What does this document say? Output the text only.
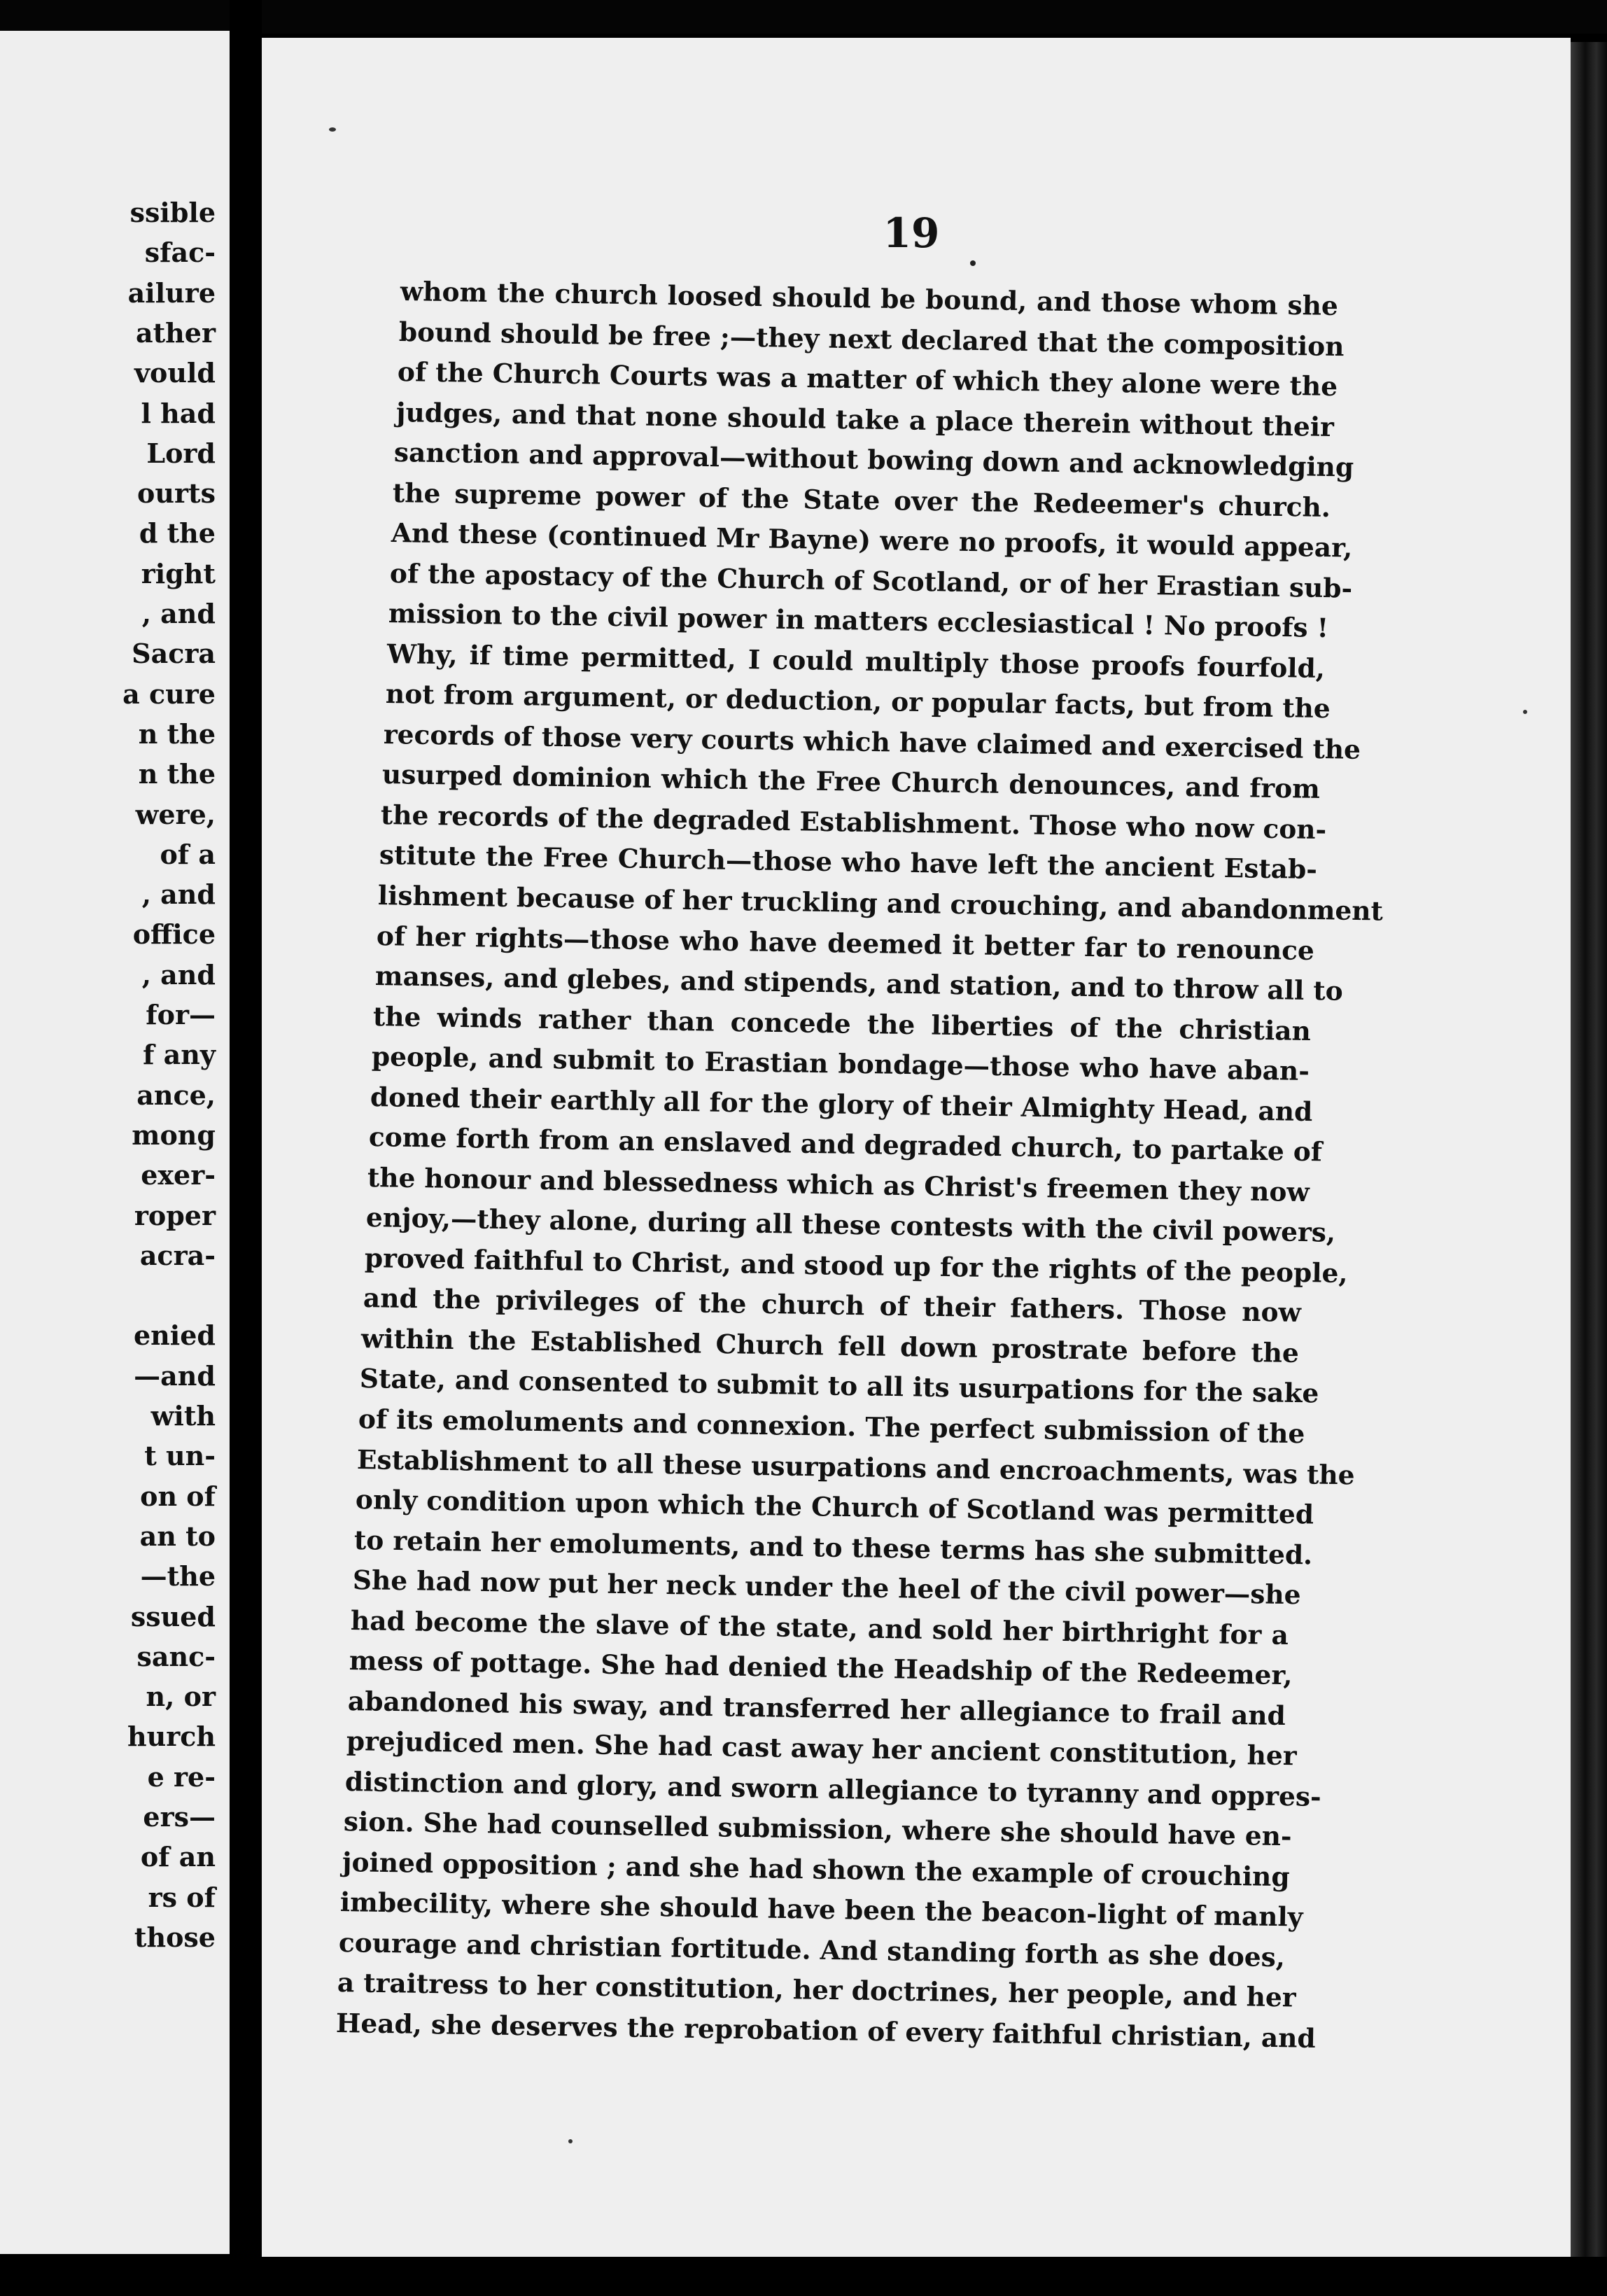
ssible
sfac-
ailure
ather
vould
l had
Lord
ourts
d the
right
, and
Sacra
a cure
n the
n the
were,
of a
, and
office
, and
for—
f any
ance,
mong
exer-
roper
acra-
enied
—and
with
t un-
on of
an to
—the
ssued
sanc-
n, or
hurch
e re-
ers—
of an
rs of
those
19
whom the church loosed should be bound, and those whom she
bound should be free ;—they next declared that the composition
of the Church Courts was a matter of which they alone were the
judges, and that none should take a place therein without their
sanction and approval—without bowing down and acknowledging
the supreme power of the State over the Redeemer's church.
And these (continued Mr Bayne) were no proofs, it would appear,
of the apostacy of the Church of Scotland, or of her Erastian sub-
mission to the civil power in matters ecclesiastical ! No proofs !
Why, if time permitted, I could multiply those proofs fourfold,
not from argument, or deduction, or popular facts, but from the
records of those very courts which have claimed and exercised the
usurped dominion which the Free Church denounces, and from
the records of the degraded Establishment. Those who now con-
stitute the Free Church—those who have left the ancient Estab-
lishment because of her truckling and crouching, and abandonment
of her rights—those who have deemed it better far to renounce
manses, and glebes, and stipends, and station, and to throw all to
the winds rather than concede the liberties of the christian
people, and submit to Erastian bondage—those who have aban-
doned their earthly all for the glory of their Almighty Head, and
come forth from an enslaved and degraded church, to partake of
the honour and blessedness which as Christ's freemen they now
enjoy,—they alone, during all these contests with the civil powers,
proved faithful to Christ, and stood up for the rights of the people,
and the privileges of the church of their fathers. Those now
within the Established Church fell down prostrate before the
State, and consented to submit to all its usurpations for the sake
of its emoluments and connexion. The perfect submission of the
Establishment to all these usurpations and encroachments, was the
only condition upon which the Church of Scotland was permitted
to retain her emoluments, and to these terms has she submitted.
She had now put her neck under the heel of the civil power—she
had become the slave of the state, and sold her birthright for a
mess of pottage. She had denied the Headship of the Redeemer,
abandoned his sway, and transferred her allegiance to frail and
prejudiced men. She had cast away her ancient constitution, her
distinction and glory, and sworn allegiance to tyranny and oppres-
sion. She had counselled submission, where she should have en-
joined opposition ; and she had shown the example of crouching
imbecility, where she should have been the beacon-light of manly
courage and christian fortitude. And standing forth as she does,
a traitress to her constitution, her doctrines, her people, and her
Head, she deserves the reprobation of every faithful christian, and
